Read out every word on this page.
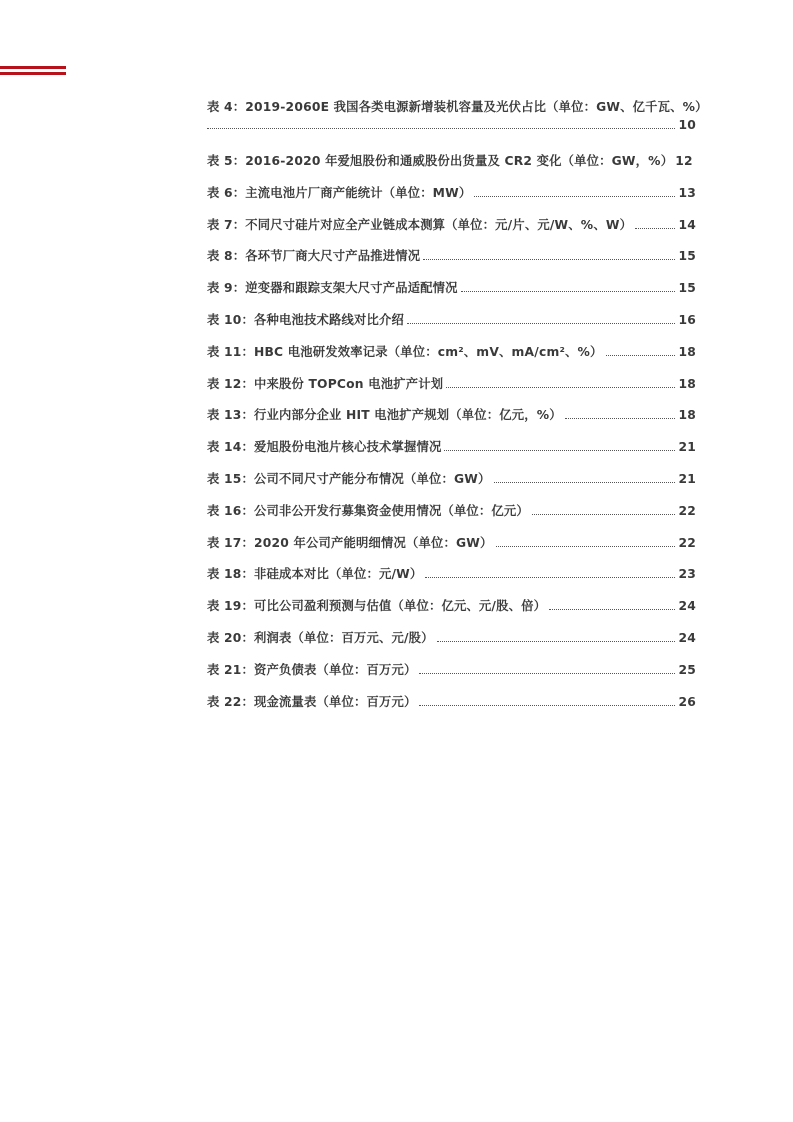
表 4：2019-2060E 我国各类电源新增装机容量及光伏占比（单位：GW、亿千瓦、%）
10
表 5：2016-2020 年爱旭股份和通威股份出货量及 CR2 变化（单位：GW，%） 12
表 6：主流电池片厂商产能统计（单位：MW）	13
表 7：不同尺寸硅片对应全产业链成本测算（单位：元/片、元/W、%、W）	14
表 8：各环节厂商大尺寸产品推进情况	15
表 9：逆变器和跟踪支架大尺寸产品适配情况	15
表 10：各种电池技术路线对比介绍	16
表 11：HBC 电池研发效率记录（单位：cm²、mV、mA/cm²、%）	18
表 12：中来股份 TOPCon 电池扩产计划	18
表 13：行业内部分企业 HIT 电池扩产规划（单位：亿元，%）	18
表 14：爱旭股份电池片核心技术掌握情况	21
表 15：公司不同尺寸产能分布情况（单位：GW）	21
表 16：公司非公开发行募集资金使用情况（单位：亿元）	22
表 17：2020 年公司产能明细情况（单位：GW）	22
表 18：非硅成本对比（单位：元/W）	23
表 19：可比公司盈利预测与估值（单位：亿元、元/股、倍）	24
表 20：利润表（单位：百万元、元/股）	24
表 21：资产负债表（单位：百万元）	25
表 22：现金流量表（单位：百万元）	26
